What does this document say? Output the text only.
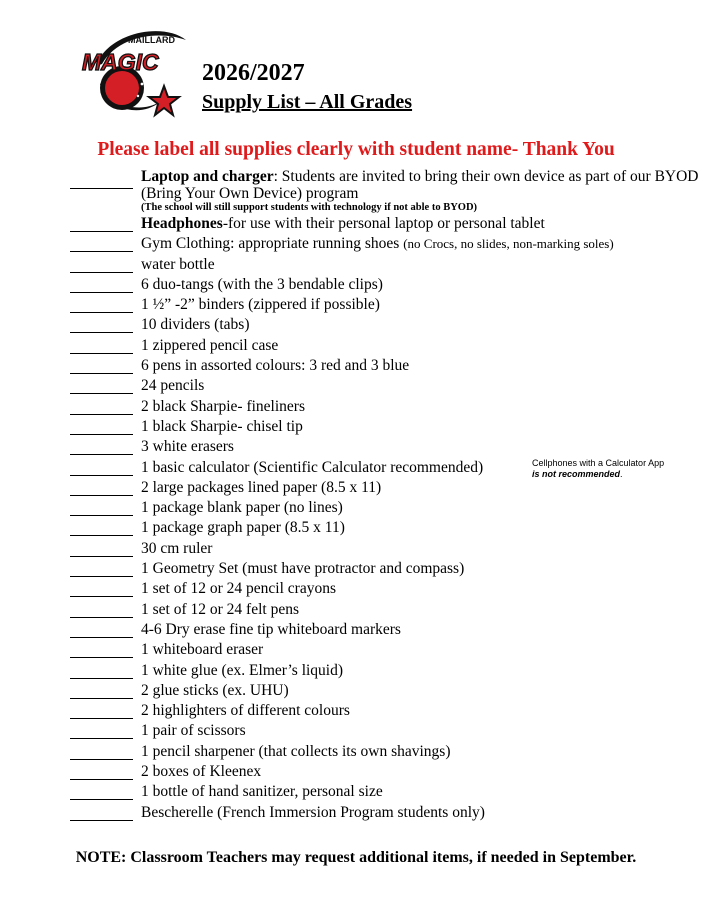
MAILLARD
MAGIC 2026/2027
Supply List – All Grades
Please label all supplies clearly with student name- Thank You
Laptop and charger: Students are invited to bring their own device as part of our BYOD (Bring Your Own Device) program
(The school will still support students with technology if not able to BYOD)
Headphones-for use with their personal laptop or personal tablet
Gym Clothing: appropriate running shoes (no Crocs, no slides, non-marking soles)
water bottle
6 duo-tangs (with the 3 bendable clips)
1 ½” -2” binders (zippered if possible)
10 dividers (tabs)
1 zippered pencil case
6 pens in assorted colours: 3 red and 3 blue
24 pencils
2 black Sharpie- fineliners
1 black Sharpie- chisel tip
3 white erasers
1 basic calculator (Scientific Calculator recommended)
2 large packages lined paper (8.5 x 11)
1 package blank paper (no lines)
1 package graph paper (8.5 x 11)
30 cm ruler
1 Geometry Set (must have protractor and compass)
1 set of 12 or 24 pencil crayons
1 set of 12 or 24 felt pens
4-6 Dry erase fine tip whiteboard markers
1 whiteboard eraser
1 white glue (ex. Elmer’s liquid)
2 glue sticks (ex. UHU)
2 highlighters of different colours
1 pair of scissors
1 pencil sharpener (that collects its own shavings)
2 boxes of Kleenex
1 bottle of hand sanitizer, personal size
Bescherelle (French Immersion Program students only)
Cellphones with a Calculator App
is not recommended.
NOTE: Classroom Teachers may request additional items, if needed in September.
